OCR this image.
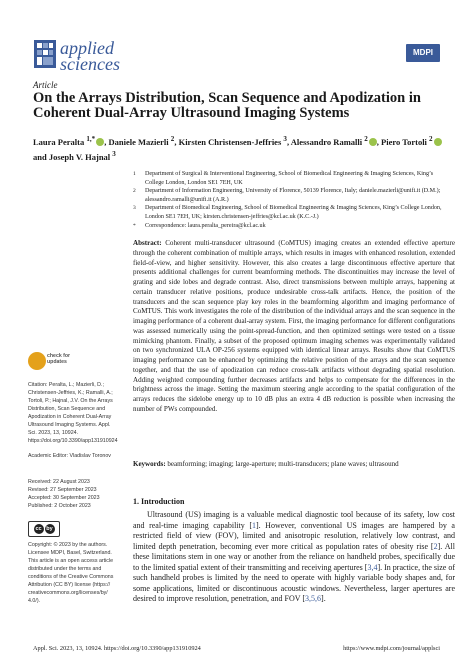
applied
sciences
MDPI
Article
On the Arrays Distribution, Scan Sequence and Apodization in Coherent Dual-Array Ultrasound Imaging Systems
Laura Peralta $^{1,*}$ , Daniele Mazierli $^2$, Kirsten Christensen-Jeffries $^3$, Alessandro Ramalli $^2$ , Piero Tortoli $^2$
and Joseph V. Hajnal $^3$
1	Department of Surgical & Interventional Engineering, School of Biomedical Engineering & Imaging Sciences, King’s College London, London SE1 7EH, UK
2	Department of Information Engineering, University of Florence, 50139 Florence, Italy; daniele.mazierli@unifi.it (D.M.); alessandro.ramalli@unifi.it (A.R.)
3	Department of Biomedical Engineering, School of Biomedical Engineering & Imaging Sciences, King’s College London, London SE1 7EH, UK; kirsten.christensen-jeffries@kcl.ac.uk (K.C.-J.)
*	Correspondence: laura.peralta_pereira@kcl.ac.uk
Abstract: Coherent multi-transducer ultrasound (CoMTUS) imaging creates an extended effective aperture through the coherent combination of multiple arrays, which results in images with enhanced resolution, extended field-of-view, and higher sensitivity. However, this also creates a large discontinuous effective aperture that presents additional challenges for current beamforming methods. The discontinuities may increase the level of grating and side lobes and degrade contrast. Also, direct transmissions between multiple arrays, happening at certain transducer relative positions, produce undesirable cross-talk artifacts. Hence, the position of the transducers and the scan sequence play key roles in the beamforming algorithm and imaging performance of CoMTUS. This work investigates the role of the distribution of the individual arrays and the scan sequence in the imaging performance of a coherent dual-array system. First, the imaging performance for different configurations was assessed numerically using the point-spread-function, and then optimized settings were tested on a tissue mimicking phantom. Finally, a subset of the proposed optimum imaging schemes was experimentally validated on two synchronized ULA OP-256 systems equipped with identical linear arrays. Results show that CoMTUS imaging performance can be enhanced by optimizing the relative position of the arrays and the scan sequence together, and that the use of apodization can reduce cross-talk artifacts without degrading spatial resolution. Adding weighted compounding further decreases artifacts and helps to compensate for the differences in the brightness across the image. Setting the maximum steering angle according to the spatial configuration of the arrays reduces the sidelobe energy up to 10 dB plus an extra 4 dB reduction is possible when increasing the number of PWs compounded.
Keywords: beamforming; imaging; large-aperture; multi-transducers; plane waves; ultrasound
1. Introduction
Ultrasound (US) imaging is a valuable medical diagnostic tool because of its safety, low cost and real-time imaging capability [1]. However, conventional US images are hampered by a restricted field of view (FOV), limited and anisotropic resolution, relatively low contrast, and limited depth penetration, becoming ever more critical as population rates of obesity rise [2]. All these limitations stem in one way or another from the reliance on handheld probes, specifically due to the limited spatial extent of their transmitting and receiving apertures [3,4]. In practice, the size of such handheld probes is limited by the need to operate with highly variable body shapes and, for some applications, limited or discontinuous acoustic windows. Nevertheless, larger apertures are desired to improve resolution, penetration, and FOV [3,5,6].
check for
updates
Citation: Peralta, L.; Mazierli, D.; Christensen-Jeffries, K.; Ramalli, A.; Tortoli, P.; Hajnal, J.V. On the Arrays Distribution, Scan Sequence and Apodization in Coherent Dual-Array Ultrasound Imaging Systems. Appl. Sci. 2023, 13, 10924. https://doi.org/10.3390/app131910924
Academic Editor: Vladislav Toronov
Received: 22 August 2023
Revised: 27 September 2023
Accepted: 30 September 2023
Published: 2 October 2023
cc by
Copyright: © 2023 by the authors. Licensee MDPI, Basel, Switzerland. This article is an open access article distributed under the terms and conditions of the Creative Commons Attribution (CC BY) license (https:// creativecommons.org/licenses/by/ 4.0/).
Appl. Sci. 2023, 13, 10924. https://doi.org/10.3390/app131910924	https://www.mdpi.com/journal/applsci
